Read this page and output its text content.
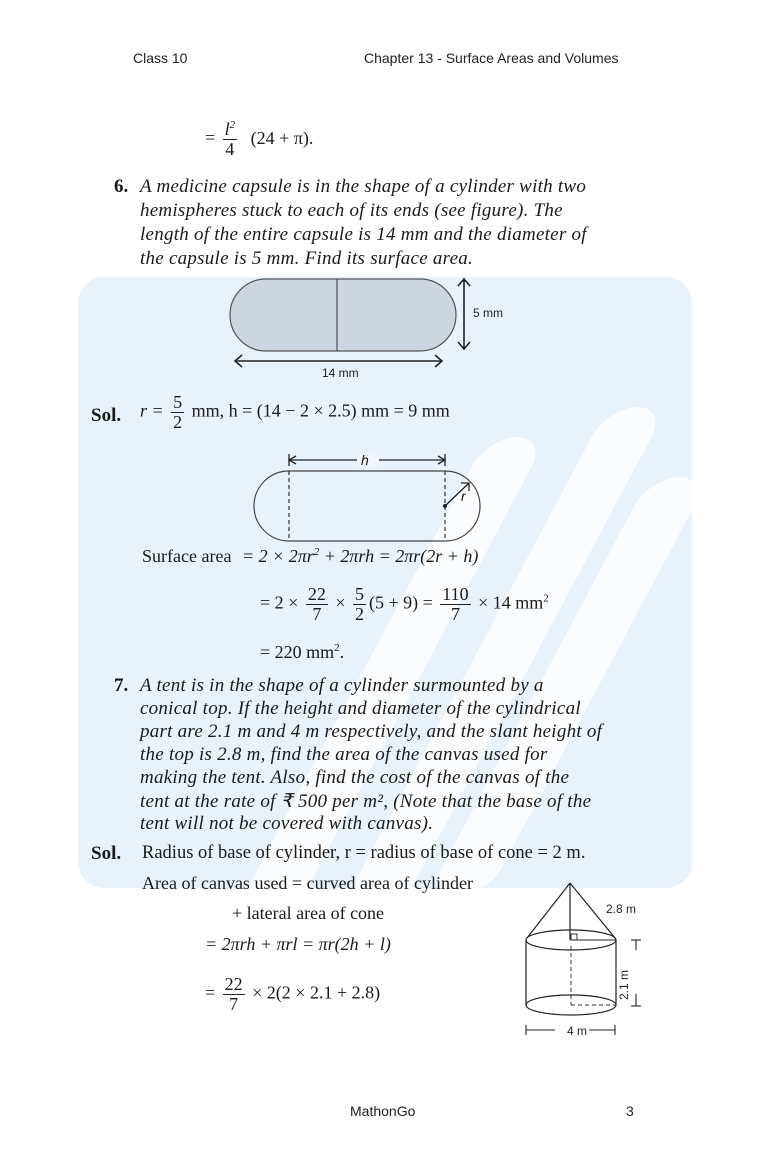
Class 10	Chapter 13 - Surface Areas and Volumes
= $\frac{l^2}{4} (24 + \pi)$.
6. A medicine capsule is in the shape of a cylinder with two
hemispheres stuck to each of its ends (see figure). The
length of the entire capsule is 14 mm and the diameter of
the capsule is 5 mm. Find its surface area.
5 mm
14 mm
Sol. $r = \frac{5}{2}$ mm, h = (14 − 2 × 2.5) mm = 9 mm
h
r
Surface area = $2 \times 2\pi r^2 + 2\pi rh = 2\pi r(2r + h)$
= $2 \times \frac{22}{7} \times \frac{5}{2} (5 + 9) = \frac{110}{7} \times 14$ $mm^2$
= 220 $mm^2$.
7. A tent is in the shape of a cylinder surmounted by a
conical top. If the height and diameter of the cylindrical
part are 2.1 m and 4 m respectively, and the slant height of
the top is 2.8 m, find the area of the canvas used for
making the tent. Also, find the cost of the canvas of the
tent at the rate of ₹ 500 per m², (Note that the base of the
tent will not be covered with canvas).
Sol. Radius of base of cylinder, r = radius of base of cone = 2 m.
Area of canvas used = curved area of cylinder
+ lateral area of cone
= 2πrh + πrl = πr(2h + l)
= $\frac{22}{7} \times 2(2 \times 2.1 + 2.8)$
2.8 m
2.1 m
4 m
MathonGo	3
